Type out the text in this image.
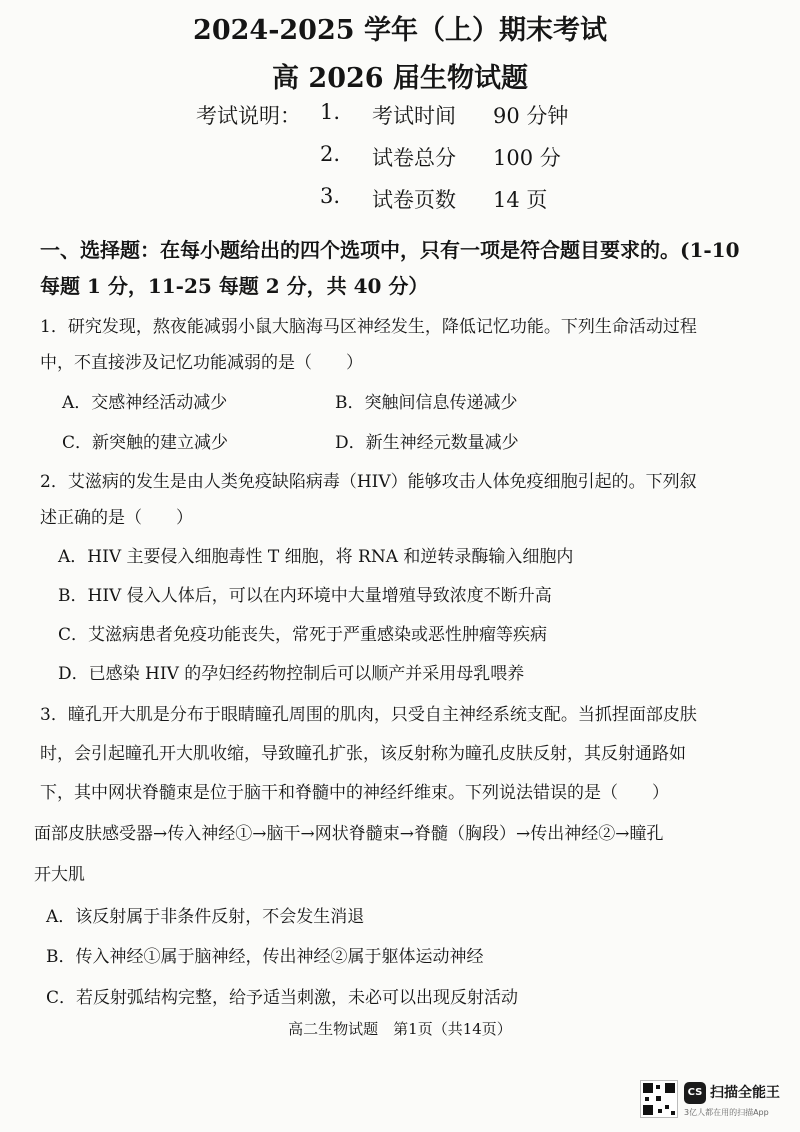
2024-2025 学年（上）期末考试
高 2026 届生物试题
考试说明： 1. 考试时间 90 分钟
2. 试卷总分 100 分
3. 试卷页数 14 页
一、选择题：在每小题给出的四个选项中，只有一项是符合题目要求的。(1-10
每题 1 分，11-25 每题 2 分，共 40 分）
1．研究发现，熬夜能减弱小鼠大脑海马区神经发生，降低记忆功能。下列生命活动过程
中，不直接涉及记忆功能减弱的是（　　）
A．交感神经活动减少	B．突触间信息传递减少
C．新突触的建立减少	D．新生神经元数量减少
2．艾滋病的发生是由人类免疫缺陷病毒（HIV）能够攻击人体免疫细胞引起的。下列叙
述正确的是（　　）
A．HIV 主要侵入细胞毒性 T 细胞，将 RNA 和逆转录酶输入细胞内
B．HIV 侵入人体后，可以在内环境中大量增殖导致浓度不断升高
C．艾滋病患者免疫功能丧失，常死于严重感染或恶性肿瘤等疾病
D．已感染 HIV 的孕妇经药物控制后可以顺产并采用母乳喂养
3．瞳孔开大肌是分布于眼睛瞳孔周围的肌肉，只受自主神经系统支配。当抓捏面部皮肤
时，会引起瞳孔开大肌收缩，导致瞳孔扩张，该反射称为瞳孔皮肤反射，其反射通路如
下，其中网状脊髓束是位于脑干和脊髓中的神经纤维束。下列说法错误的是（　　）
面部皮肤感受器→传入神经①→脑干→网状脊髓束→脊髓（胸段）→传出神经②→瞳孔
开大肌
A．该反射属于非条件反射，不会发生消退
B．传入神经①属于脑神经，传出神经②属于躯体运动神经
C．若反射弧结构完整，给予适当刺激，未必可以出现反射活动
高二生物试题　第1页（共14页）
CS 扫描全能王
3亿人都在用的扫描App
